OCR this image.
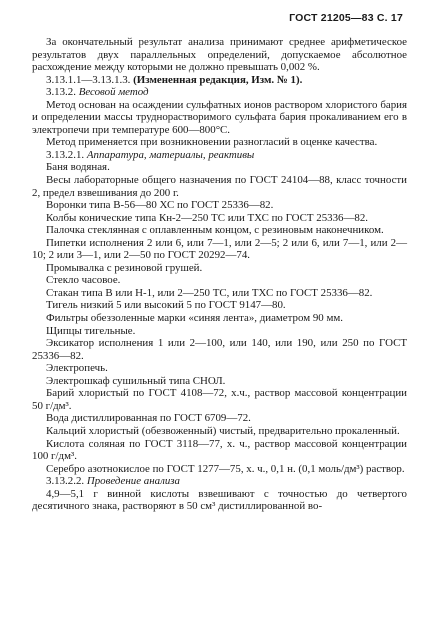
ГОСТ 21205—83 С. 17

За окончательный результат анализа принимают среднее арифметическое результатов двух параллельных определений, допускаемое абсолютное расхождение между которыми не должно превышать 0,002 %.

3.13.1.1—3.13.1.3. (Измененная редакция, Изм. № 1).

3.13.2. Весовой метод

Метод основан на осаждении сульфатных ионов раствором хлористого бария и определении массы труднорастворимого сульфата бария прокаливанием его в электропечи при температуре 600—800°С.

Метод применяется при возникновении разногласий в оценке качества.

3.13.2.1. Аппаратура, материалы, реактивы

Баня водяная.

Весы лабораторные общего назначения по ГОСТ 24104—88, класс точности 2, предел взвешивания до 200 г.

Воронки типа В-56—80 ХС по ГОСТ 25336—82.

Колбы конические типа Кн-2—250 ТС или ТХС по ГОСТ 25336—82.

Палочка стеклянная с оплавленным концом, с резиновым наконечником.

Пипетки исполнения 2 или 6, или 7—1, или 2—5; 2 или 6, или 7—1, или 2—10; 2 или 3—1, или 2—50 по ГОСТ 20292—74.

Промывалка с резиновой грушей.

Стекло часовое.

Стакан типа В или Н-1, или 2—250 ТС, или ТХС по ГОСТ 25336—82.

Тигель низкий 5 или высокий 5 по ГОСТ 9147—80.

Фильтры обеззоленные марки «синяя лента», диаметром 90 мм.

Щипцы тигельные.

Эксикатор исполнения 1 или 2—100, или 140, или 190, или 250 по ГОСТ 25336—82.

Электропечь.

Электрошкаф сушильный типа СНОЛ.

Барий хлористый по ГОСТ 4108—72, х.ч., раствор массовой концентрации 50 г/дм³.

Вода дистиллированная по ГОСТ 6709—72.

Кальций хлористый (обезвоженный) чистый, предварительно прокаленный.

Кислота соляная по ГОСТ 3118—77, х. ч., раствор массовой концентрации 100 г/дм³.

Серебро азотнокислое по ГОСТ 1277—75, х. ч., 0,1 н. (0,1 моль/дм³) раствор.

3.13.2.2. Проведение анализа

4,9—5,1 г винной кислоты взвешивают с точностью до четвертого десятичного знака, растворяют в 50 см³ дистиллированной во-
